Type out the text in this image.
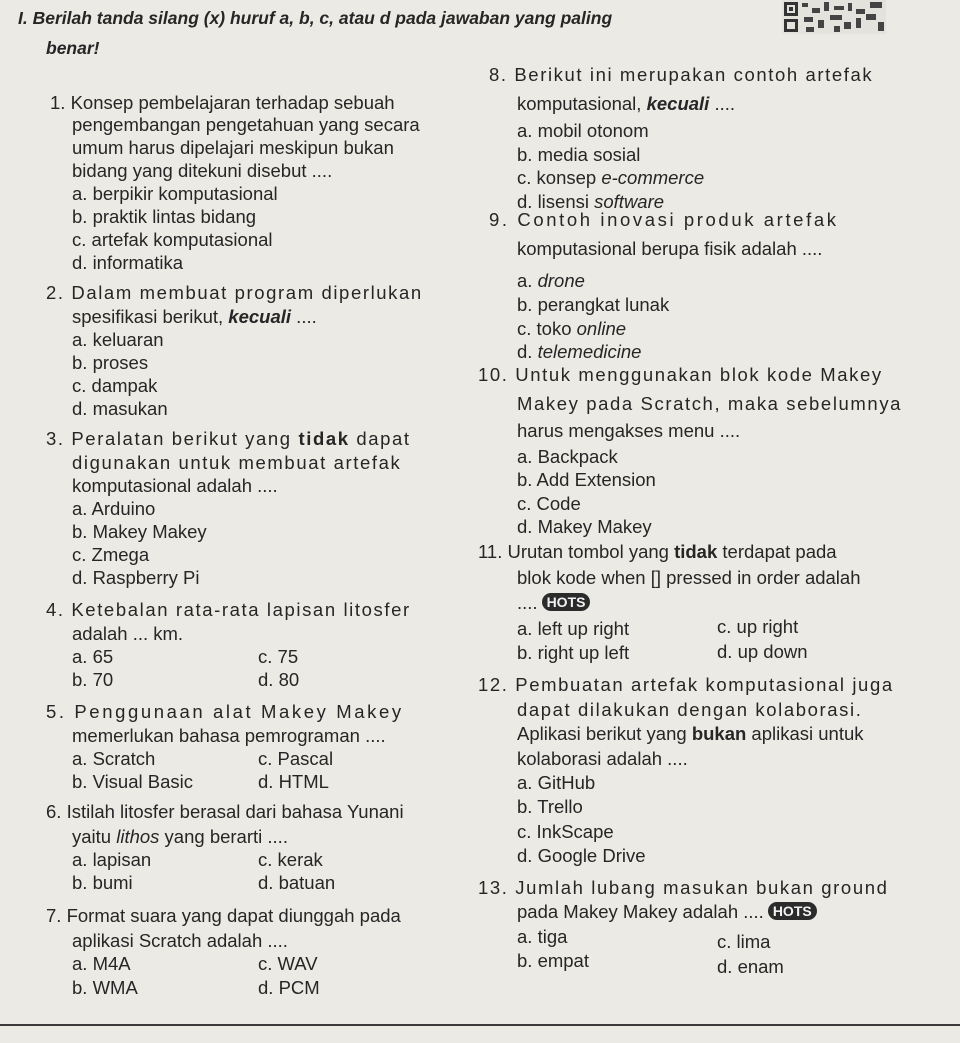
I. Berilah tanda silang (x) huruf a, b, c, atau d pada jawaban yang paling
benar!
1. Konsep pembelajaran terhadap sebuah
pengembangan pengetahuan yang secara
umum harus dipelajari meskipun bukan
bidang yang ditekuni disebut ....
a. berpikir komputasional
b. praktik lintas bidang
c. artefak komputasional
d. informatika
2. Dalam membuat program diperlukan
spesifikasi berikut, kecuali ....
a. keluaran
b. proses
c. dampak
d. masukan
3. Peralatan berikut yang tidak dapat
digunakan untuk membuat artefak
komputasional adalah ....
a. Arduino
b. Makey Makey
c. Zmega
d. Raspberry Pi
4. Ketebalan rata-rata lapisan litosfer
adalah ... km.
a. 65
b. 70
c. 75
d. 80
5. Penggunaan alat Makey Makey
memerlukan bahasa pemrograman ....
a. Scratch
b. Visual Basic
c. Pascal
d. HTML
6. Istilah litosfer berasal dari bahasa Yunani
yaitu lithos yang berarti ....
a. lapisan
b. bumi
c. kerak
d. batuan
7. Format suara yang dapat diunggah pada
aplikasi Scratch adalah ....
a. M4A
b. WMA
c. WAV
d. PCM
8. Berikut ini merupakan contoh artefak
komputasional, kecuali ....
a. mobil otonom
b. media sosial
c. konsep e-commerce
d. lisensi software
9. Contoh inovasi produk artefak
komputasional berupa fisik adalah ....
a. drone
b. perangkat lunak
c. toko online
d. telemedicine
10. Untuk menggunakan blok kode Makey
Makey pada Scratch, maka sebelumnya
harus mengakses menu ....
a. Backpack
b. Add Extension
c. Code
d. Makey Makey
11. Urutan tombol yang tidak terdapat pada
blok kode when [] pressed in order adalah
.... HOTS
a. left up right
b. right up left
c. up right
d. up down
12. Pembuatan artefak komputasional juga
dapat dilakukan dengan kolaborasi.
Aplikasi berikut yang bukan aplikasi untuk
kolaborasi adalah ....
a. GitHub
b. Trello
c. InkScape
d. Google Drive
13. Jumlah lubang masukan bukan ground
pada Makey Makey adalah .... HOTS
a. tiga
b. empat
c. lima
d. enam
